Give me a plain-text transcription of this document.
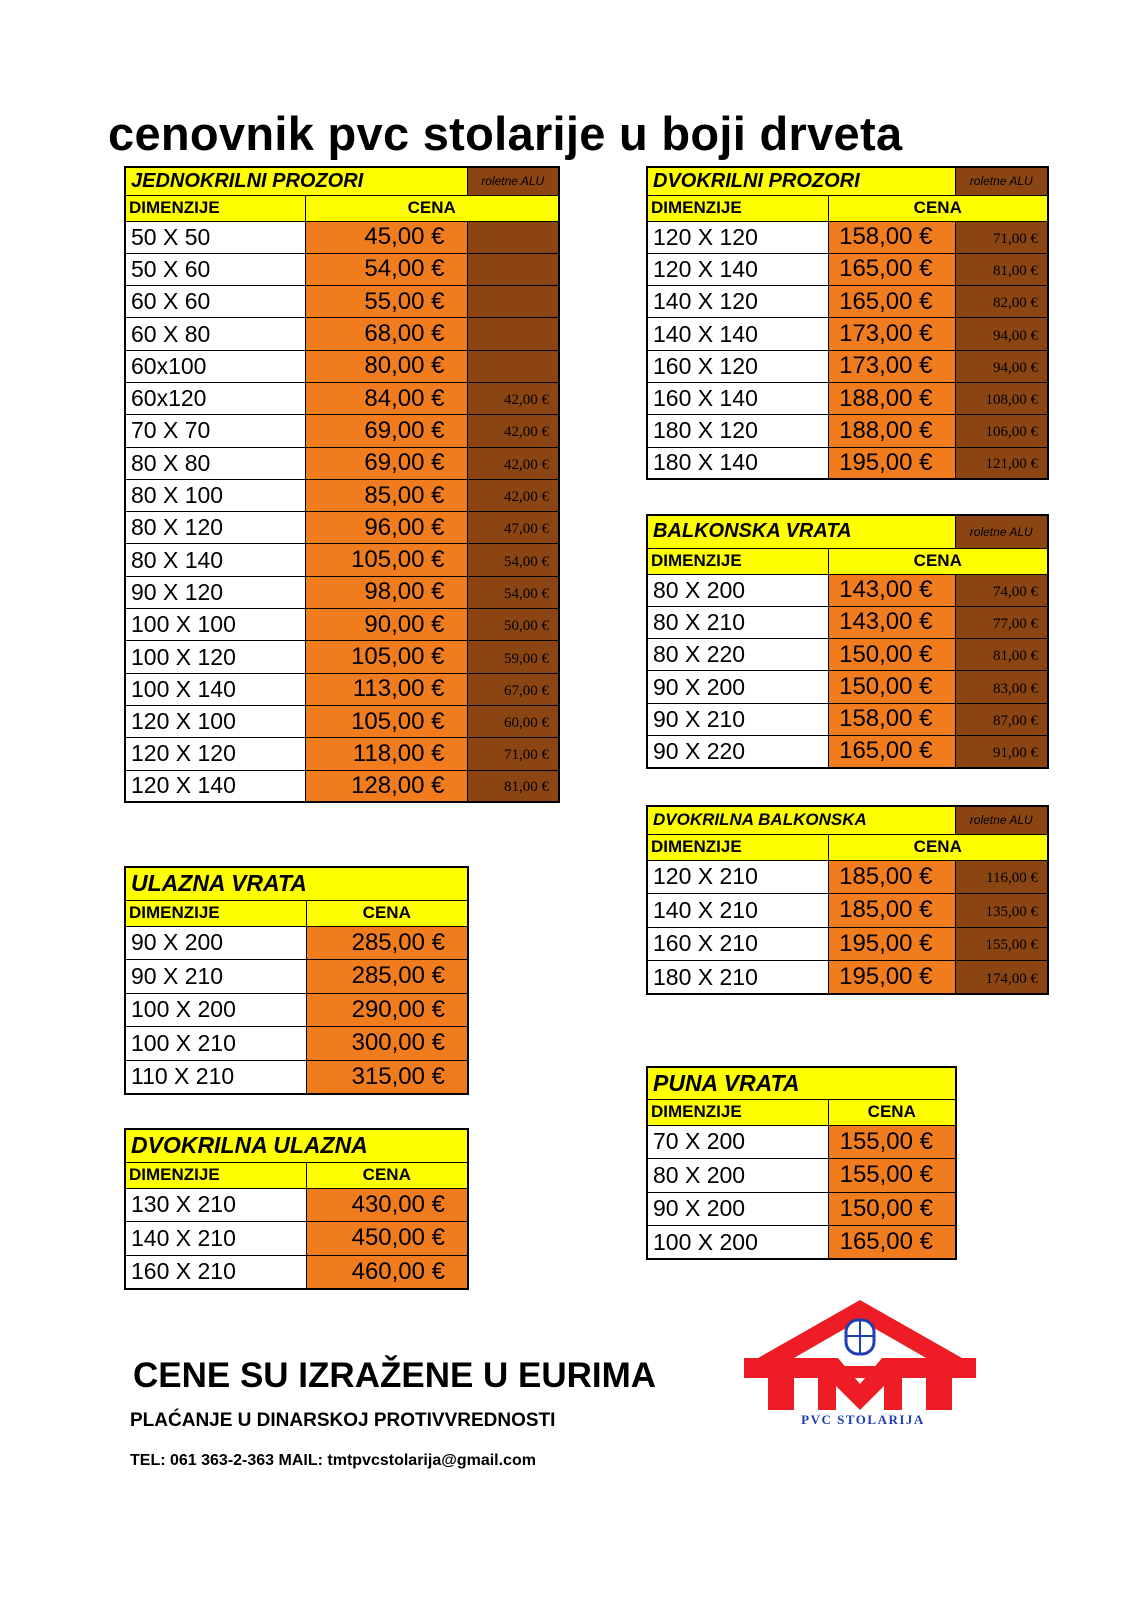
cenovnik pvc stolarije u boji drveta
JEDNOKRILNI PROZORI		roletne ALU
DIMENZIJE	CENA	
50 X 50	45,00 €	
50 X 60	54,00 €	
60 X 60	55,00 €	
60 X 80	68,00 €	
60x100	80,00 €	
60x120	84,00 €	42,00 €
70 X 70	69,00 €	42,00 €
80 X 80	69,00 €	42,00 €
80 X 100	85,00 €	42,00 €
80 X 120	96,00 €	47,00 €
80 X 140	105,00 €	54,00 €
90 X 120	98,00 €	54,00 €
100 X 100	90,00 €	50,00 €
100 X 120	105,00 €	59,00 €
100 X 140	113,00 €	67,00 €
120 X 100	105,00 €	60,00 €
120 X 120	118,00 €	71,00 €
120 X 140	128,00 €	81,00 €
DVOKRILNI PROZORI		roletne ALU
DIMENZIJE	CENA	
120 X 120	158,00 €	71,00 €
120 X 140	165,00 €	81,00 €
140 X 120	165,00 €	82,00 €
140 X 140	173,00 €	94,00 €
160 X 120	173,00 €	94,00 €
160 X 140	188,00 €	108,00 €
180 X 120	188,00 €	106,00 €
180 X 140	195,00 €	121,00 €
BALKONSKA VRATA		roletne ALU
DIMENZIJE	CENA	
80 X 200	143,00 €	74,00 €
80 X 210	143,00 €	77,00 €
80 X 220	150,00 €	81,00 €
90 X 200	150,00 €	83,00 €
90 X 210	158,00 €	87,00 €
90 X 220	165,00 €	91,00 €
DVOKRILNA BALKONSKA		roletne ALU
DIMENZIJE	CENA	
120 X 210	185,00 €	116,00 €
140 X 210	185,00 €	135,00 €
160 X 210	195,00 €	155,00 €
180 X 210	195,00 €	174,00 €
ULAZNA VRATA	
DIMENZIJE	CENA
90 X 200	285,00 €
90 X 210	285,00 €
100 X 200	290,00 €
100 X 210	300,00 €
110 X 210	315,00 €
DVOKRILNA ULAZNA	
DIMENZIJE	CENA
130 X 210	430,00 €
140 X 210	450,00 €
160 X 210	460,00 €
PUNA VRATA	
DIMENZIJE	CENA
70 X 200	155,00 €
80 X 200	155,00 €
90 X 200	150,00 €
100 X 200	165,00 €
CENE SU IZRAŽENE U EURIMA
PLAĆANJE U DINARSKOJ PROTIVVREDNOSTI
TEL: 061 363-2-363 MAIL: tmtpvcstolarija@gmail.com
PVC STOLARIJA
